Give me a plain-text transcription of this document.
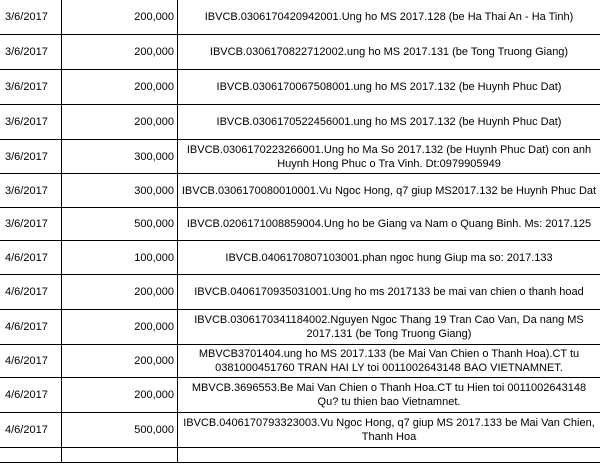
3/6/2017	200,000	IBVCB.0306170420942001.Ung ho MS 2017.128 (be Ha Thai An - Ha Tinh)
3/6/2017	200,000	IBVCB.0306170822712002.ung ho MS 2017.131 (be Tong Truong Giang)
3/6/2017	200,000	IBVCB.0306170067508001.ung ho MS 2017.132 (be Huynh Phuc Dat)
3/6/2017	200,000	IBVCB.0306170522456001.ung ho MS 2017.132 (be Huynh Phuc Dat)
3/6/2017	300,000	IBVCB.0306170223266001.Ung ho Ma So 2017.132 (be Huynh Phuc Dat) con anh Huynh Hong Phuc o Tra Vinh. Dt:0979905949
3/6/2017	300,000	IBVCB.0306170080010001.Vu Ngoc Hong, q7 giup MS2017.132 be Huynh Phuc Dat
3/6/2017	500,000	IBVCB.0206171008859004.Ung ho be Giang va Nam o Quang Binh. Ms: 2017.125
4/6/2017	100,000	IBVCB.0406170807103001.phan ngoc hung Giup ma so: 2017.133
4/6/2017	200,000	IBVCB.0406170935031001.Ung ho ms 2017133 be mai van chien o thanh hoad
4/6/2017	200,000	IBVCB.0306170341184002.Nguyen Ngoc Thang 19 Tran Cao Van, Da nang MS 2017.131 (be Tong Truong Giang)
4/6/2017	200,000	MBVCB3701404.ung ho MS 2017.133 (be Mai Van Chien o Thanh Hoa).CT tu 0381000451760 TRAN HAI LY toi 0011002643148 BAO VIETNAMNET.
4/6/2017	200,000	MBVCB.3696553.Be Mai Van Chien o Thanh Hoa.CT tu Hien toi 0011002643148 Qu? tu thien bao Vietnamnet.
4/6/2017	500,000	IBVCB.0406170793323003.Vu Ngoc Hong, q7 giup MS 2017.133 be Mai Van Chien, Thanh Hoa
